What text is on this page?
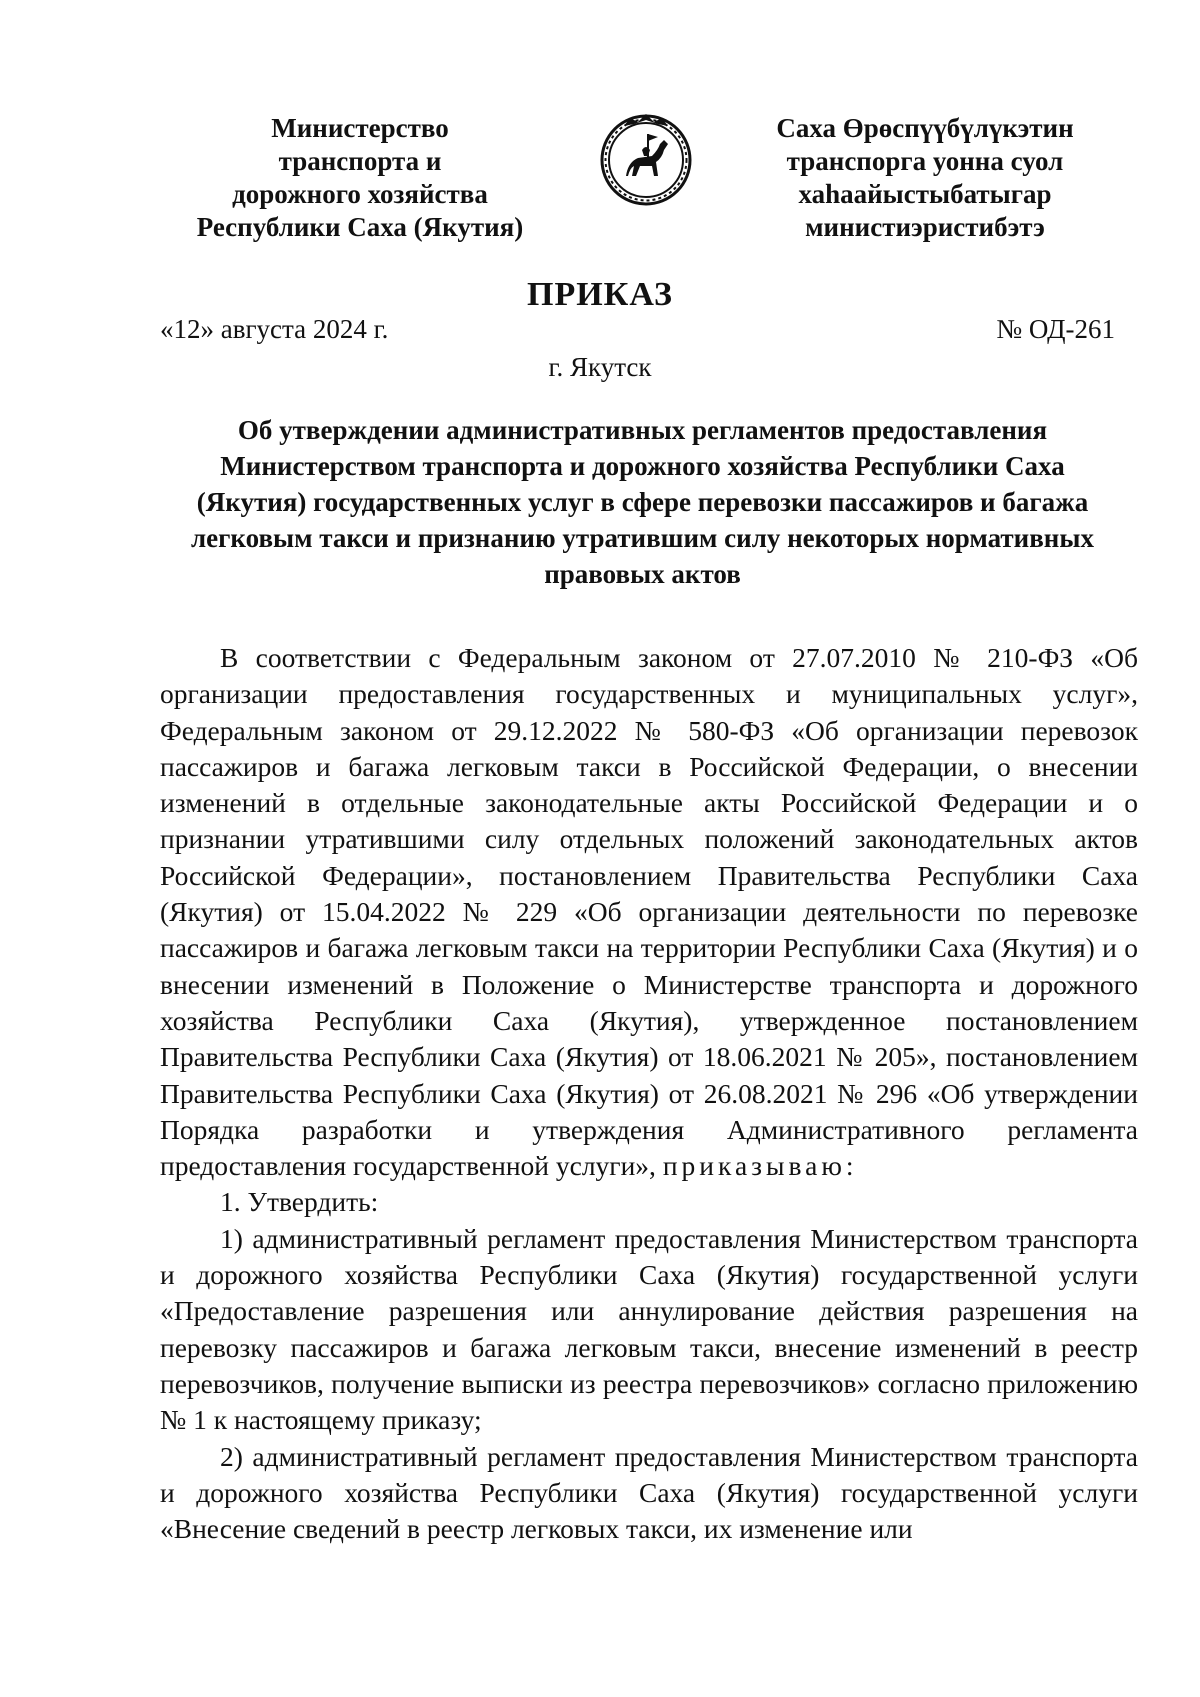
Министерство
транспорта и
дорожного хозяйства
Республики Саха (Якутия)
Саха Өрөспүүбүлүкэтин
транспорга уонна суол
хаһаайыстыбатыгар
министиэристибэтэ
ПРИКАЗ
«12» августа 2024 г.	№ ОД-261
г. Якутск
Об утверждении административных регламентов предоставления Министерством транспорта и дорожного хозяйства Республики Саха (Якутия) государственных услуг в сфере перевозки пассажиров и багажа легковым такси и признанию утратившим силу некоторых нормативных правовых актов

В соответствии с Федеральным законом от 27.07.2010 № 210-ФЗ «Об организации предоставления государственных и муниципальных услуг», Федеральным законом от 29.12.2022 № 580-ФЗ «Об организации перевозок пассажиров и багажа легковым такси в Российской Федерации, о внесении изменений в отдельные законодательные акты Российской Федерации и о признании утратившими силу отдельных положений законодательных актов Российской Федерации», постановлением Правительства Республики Саха (Якутия) от 15.04.2022 № 229 «Об организации деятельности по перевозке пассажиров и багажа легковым такси на территории Республики Саха (Якутия) и о внесении изменений в Положение о Министерстве транспорта и дорожного хозяйства Республики Саха (Якутия), утвержденное постановлением Правительства Республики Саха (Якутия) от 18.06.2021 № 205», постановлением Правительства Республики Саха (Якутия) от 26.08.2021 № 296 «Об утверждении Порядка разработки и утверждения Административного регламента предоставления государственной услуги», приказываю:

1. Утвердить:

1) административный регламент предоставления Министерством транспорта и дорожного хозяйства Республики Саха (Якутия) государственной услуги «Предоставление разрешения или аннулирование действия разрешения на перевозку пассажиров и багажа легковым такси, внесение изменений в реестр перевозчиков, получение выписки из реестра перевозчиков» согласно приложению № 1 к настоящему приказу;

2) административный регламент предоставления Министерством транспорта и дорожного хозяйства Республики Саха (Якутия) государственной услуги «Внесение сведений в реестр легковых такси, их изменение или
